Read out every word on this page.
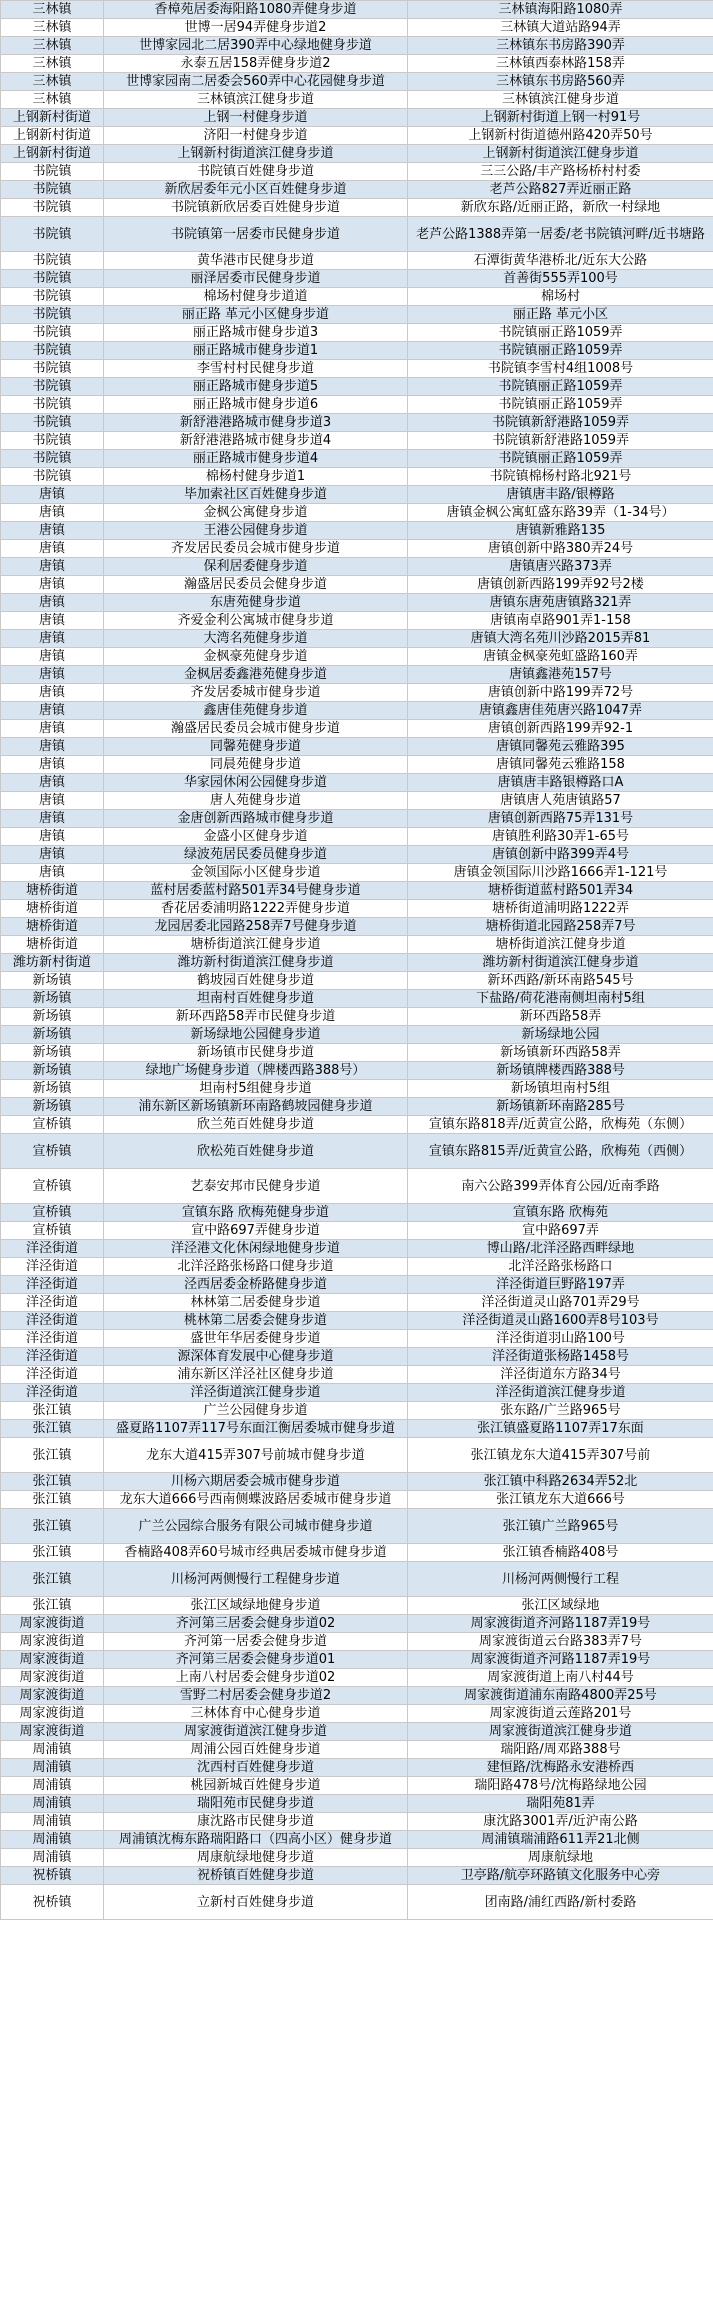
三林镇	香樟苑居委海阳路1080弄健身步道	三林镇海阳路1080弄
三林镇	世博一居94弄健身步道2	三林镇大道站路94弄
三林镇	世博家园北二居390弄中心绿地健身步道	三林镇东书房路390弄
三林镇	永泰五居158弄健身步道2	三林镇西泰林路158弄
三林镇	世博家园南二居委会560弄中心花园健身步道	三林镇东书房路560弄
三林镇	三林镇滨江健身步道	三林镇滨江健身步道
上钢新村街道	上钢一村健身步道	上钢新村街道上钢一村91号
上钢新村街道	济阳一村健身步道	上钢新村街道德州路420弄50号
上钢新村街道	上钢新村街道滨江健身步道	上钢新村街道滨江健身步道
书院镇	书院镇百姓健身步道	三三公路/丰产路杨桥村村委
书院镇	新欣居委年元小区百姓健身步道	老芦公路827弄近丽正路
书院镇	书院镇新欣居委百姓健身步道	新欣东路/近丽正路，新欣一村绿地
书院镇	书院镇第一居委市民健身步道	老芦公路1388弄第一居委/老书院镇河畔/近书塘路
书院镇	黄华港市民健身步道	石潭街黄华港桥北/近东大公路
书院镇	丽泽居委市民健身步道	首善街555弄100号
书院镇	棉场村健身步道道	棉场村
书院镇	丽正路 革元小区健身步道	丽正路 革元小区
书院镇	丽正路城市健身步道3	书院镇丽正路1059弄
书院镇	丽正路城市健身步道1	书院镇丽正路1059弄
书院镇	李雪村村民健身步道	书院镇李雪村4组1008号
书院镇	丽正路城市健身步道5	书院镇丽正路1059弄
书院镇	丽正路城市健身步道6	书院镇丽正路1059弄
书院镇	新舒港港路城市健身步道3	书院镇新舒港路1059弄
书院镇	新舒港港路城市健身步道4	书院镇新舒港路1059弄
书院镇	丽正路城市健身步道4	书院镇丽正路1059弄
书院镇	棉杨村健身步道1	书院镇棉杨村路北921号
唐镇	毕加索社区百姓健身步道	唐镇唐丰路/银樽路
唐镇	金枫公寓健身步道	唐镇金枫公寓虹盛东路39弄（1-34号）
唐镇	王港公园健身步道	唐镇新雅路135
唐镇	齐发居民委员会城市健身步道	唐镇创新中路380弄24号
唐镇	保利居委健身步道	唐镇唐兴路373弄
唐镇	瀚盛居民委员会健身步道	唐镇创新西路199弄92号2楼
唐镇	东唐苑健身步道	唐镇东唐苑唐镇路321弄
唐镇	齐爱金利公寓城市健身步道	唐镇南卓路901弄1-158
唐镇	大湾名苑健身步道	唐镇大湾名苑川沙路2015弄81
唐镇	金枫豪苑健身步道	唐镇金枫豪苑虹盛路160弄
唐镇	金枫居委鑫港苑健身步道	唐镇鑫港苑157号
唐镇	齐发居委城市健身步道	唐镇创新中路199弄72号
唐镇	鑫唐佳苑健身步道	唐镇鑫唐佳苑唐兴路1047弄
唐镇	瀚盛居民委员会城市健身步道	唐镇创新西路199弄92-1
唐镇	同馨苑健身步道	唐镇同馨苑云雅路395
唐镇	同晨苑健身步道	唐镇同馨苑云雅路158
唐镇	华家园休闲公园健身步道	唐镇唐丰路银樽路口A
唐镇	唐人苑健身步道	唐镇唐人苑唐镇路57
唐镇	金唐创新西路城市健身步道	唐镇创新西路75弄131号
唐镇	金盛小区健身步道	唐镇胜利路30弄1-65号
唐镇	绿波苑居民委员健身步道	唐镇创新中路399弄4号
唐镇	金领国际小区健身步道	唐镇金领国际川沙路1666弄1-121号
塘桥街道	蓝村居委蓝村路501弄34号健身步道	塘桥街道蓝村路501弄34
塘桥街道	香花居委浦明路1222弄健身步道	塘桥街道浦明路1222弄
塘桥街道	龙园居委北园路258弄7号健身步道	塘桥街道北园路258弄7号
塘桥街道	塘桥街道滨江健身步道	塘桥街道滨江健身步道
潍坊新村街道	潍坊新村街道滨江健身步道	潍坊新村街道滨江健身步道
新场镇	鹤坡园百姓健身步道	新环西路/新环南路545号
新场镇	坦南村百姓健身步道	下盐路/荷花港南侧坦南村5组
新场镇	新环西路58弄市民健身步道	新环西路58弄
新场镇	新场绿地公园健身步道	新场绿地公园
新场镇	新场镇市民健身步道	新场镇新环西路58弄
新场镇	绿地广场健身步道（牌楼西路388号）	新场镇牌楼西路388号
新场镇	坦南村5组健身步道	新场镇坦南村5组
新场镇	浦东新区新场镇新环南路鹤坡园健身步道	新场镇新环南路285号
宣桥镇	欣兰苑百姓健身步道	宣镇东路818弄/近黄宣公路，欣梅苑（东侧）
宣桥镇	欣松苑百姓健身步道	宣镇东路815弄/近黄宣公路，欣梅苑（西侧）
宣桥镇	艺泰安邦市民健身步道	南六公路399弄体育公园/近南季路
宣桥镇	宣镇东路 欣梅苑健身步道	宣镇东路 欣梅苑
宣桥镇	宣中路697弄健身步道	宣中路697弄
洋泾街道	洋泾港文化休闲绿地健身步道	博山路/北洋泾路西畔绿地
洋泾街道	北洋泾路张杨路口健身步道	北洋泾路张杨路口
洋泾街道	泾西居委金桥路健身步道	洋泾街道巨野路197弄
洋泾街道	林林第二居委健身步道	洋泾街道灵山路701弄29号
洋泾街道	桃林第二居委会健身步道	洋泾街道灵山路1600弄8号103号
洋泾街道	盛世年华居委健身步道	洋泾街道羽山路100号
洋泾街道	源深体育发展中心健身步道	洋泾街道张杨路1458号
洋泾街道	浦东新区洋泾社区健身步道	洋泾街道东方路34号
洋泾街道	洋泾街道滨江健身步道	洋泾街道滨江健身步道
张江镇	广兰公园健身步道	张东路/广兰路965号
张江镇	盛夏路1107弄117号东面江衡居委城市健身步道	张江镇盛夏路1107弄17东面
张江镇	龙东大道415弄307号前城市健身步道	张江镇龙东大道415弄307号前
张江镇	川杨六期居委会城市健身步道	张江镇中科路2634弄52北
张江镇	龙东大道666号西南侧蝶波路居委城市健身步道	张江镇龙东大道666号
张江镇	广兰公园综合服务有限公司城市健身步道	张江镇广兰路965号
张江镇	香楠路408弄60号城市经典居委城市健身步道	张江镇香楠路408号
张江镇	川杨河两侧慢行工程健身步道	川杨河两侧慢行工程
张江镇	张江区域绿地健身步道	张江区域绿地
周家渡街道	齐河第三居委会健身步道02	周家渡街道齐河路1187弄19号
周家渡街道	齐河第一居委会健身步道	周家渡街道云台路383弄7号
周家渡街道	齐河第三居委会健身步道01	周家渡街道齐河路1187弄19号
周家渡街道	上南八村居委会健身步道02	周家渡街道上南八村44号
周家渡街道	雪野二村居委会健身步道2	周家渡街道浦东南路4800弄25号
周家渡街道	三林体育中心健身步道	周家渡街道云莲路201号
周家渡街道	周家渡街道滨江健身步道	周家渡街道滨江健身步道
周浦镇	周浦公园百姓健身步道	瑞阳路/周邓路388号
周浦镇	沈西村百姓健身步道	建恒路/沈梅路永安港桥西
周浦镇	桃园新城百姓健身步道	瑞阳路478号/沈梅路绿地公园
周浦镇	瑞阳苑市民健身步道	瑞阳苑81弄
周浦镇	康沈路市民健身步道	康沈路3001弄/近沪南公路
周浦镇	周浦镇沈梅东路瑞阳路口（四高小区）健身步道	周浦镇瑞浦路611弄21北侧
周浦镇	周康航绿地健身步道	周康航绿地
祝桥镇	祝桥镇百姓健身步道	卫亭路/航亭环路镇文化服务中心旁
祝桥镇	立新村百姓健身步道	团南路/浦红西路/新村委路
